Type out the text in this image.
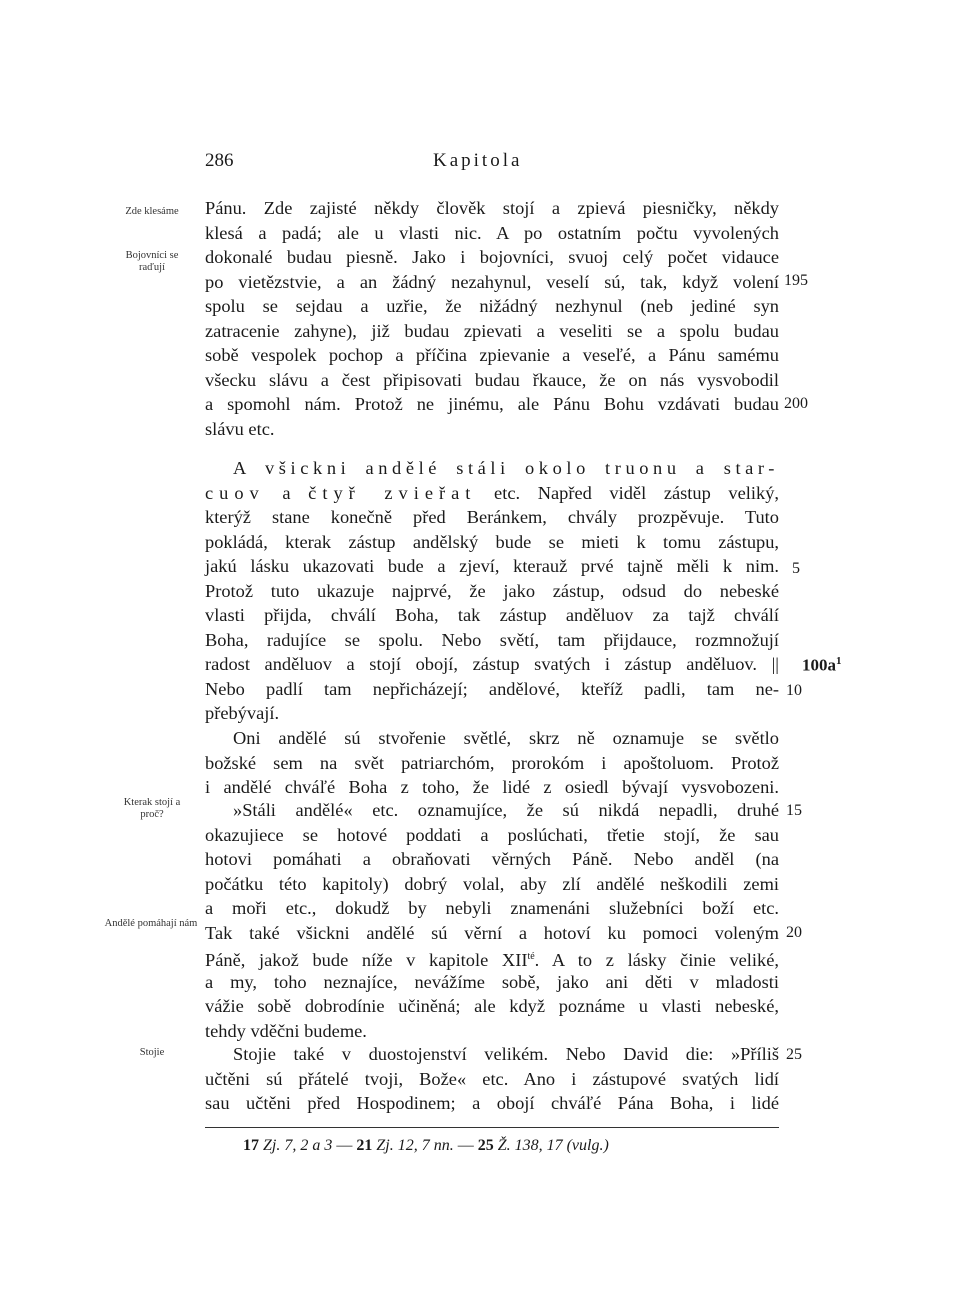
286	Kapitola
Zde klesáme
Bojovníci se raďují
Kterak stojí a proč?
Andělé pomáhají nám
Stojie
195
200
5
10
15
20
25
$100a^1$
Pánu. Zde zajisté někdy člověk stojí a zpievá piesničky, někdy
klesá a padá; ale u vlasti nic. A po ostatním počtu vyvolených
dokonalé budau piesně. Jako i bojovníci, svuoj celý počet vidauce
po vietězstvie, a an žádný nezahynul, veselí sú, tak, když volení
spolu se sejdau a uzřie, že nižádný nezhynul (neb jediné syn
zatracenie zahyne), již budau zpievati a veseliti se a spolu budau
sobě vespolek pochop a příčina zpievanie a veseľé, a Pánu samému
všecku slávu a čest připisovati budau řkauce, že on nás vysvobodil
a spomohl nám. Protož ne jinému, ale Pánu Bohu vzdávati budau
slávu etc.
A všickni andělé stáli okolo truonu a star-
cuov a čtyř zvieřat etc. Napřed viděl zástup veliký,
kterýž stane konečně před Beránkem, chvály prozpěvuje. Tuto
pokládá, kterak zástup andělský bude se mieti k tomu zástupu,
jakú lásku ukazovati bude a zjeví, kterauž prvé tajně měli k nim.
Protož tuto ukazuje najprvé, že jako zástup, odsud do nebeské
vlasti přijda, chválí Boha, tak zástup anděluov za tajž chválí
Boha, radujíce se spolu. Nebo světí, tam přijdauce, rozmnožují
radost anděluov a stojí obojí, zástup svatých i zástup anděluov. ||
Nebo padlí tam nepřicházejí; andělové, kteříž padli, tam ne-
přebývají.
Oni andělé sú stvořenie světlé, skrz ně oznamuje se světlo
božské sem na svět patriarchóm, prorokóm i apoštoluom. Protož
i andělé chváľé Boha z toho, že lidé z osiedl bývají vysvobozeni.
»Stáli andělé« etc. oznamujíce, že sú nikdá nepadli, druhé
okazujiece se hotové poddati a poslúchati, třetie stojí, že sau
hotovi pomáhati a obraňovati věrných Páně. Nebo anděl (na
počátku této kapitoly) dobrý volal, aby zlí andělé neškodili zemi
a moři etc., dokudž by nebyli znamenáni služebníci boží etc.
Tak také všickni andělé sú věrní a hotoví ku pomoci voleným
Páně, jakož bude níže v kapitole $XII^{té}$. A to z lásky činie veliké,
a my, toho neznajíce, nevážíme sobě, jako ani děti v mladosti
vážie sobě dobrodínie učiněná; ale když poznáme u vlasti nebeské,
tehdy vděčni budeme.
Stojie také v duostojenství velikém. Nebo David die: »Příliš
učtěni sú přátelé tvoji, Bože« etc. Ano i zástupové svatých lidí
sau učtěni před Hospodinem; a obojí chváľé Pána Boha, i lidé
17 Zj. 7, 2 a 3 — 21 Zj. 12, 7 nn. — 25 Ž. 138, 17 (vulg.)
